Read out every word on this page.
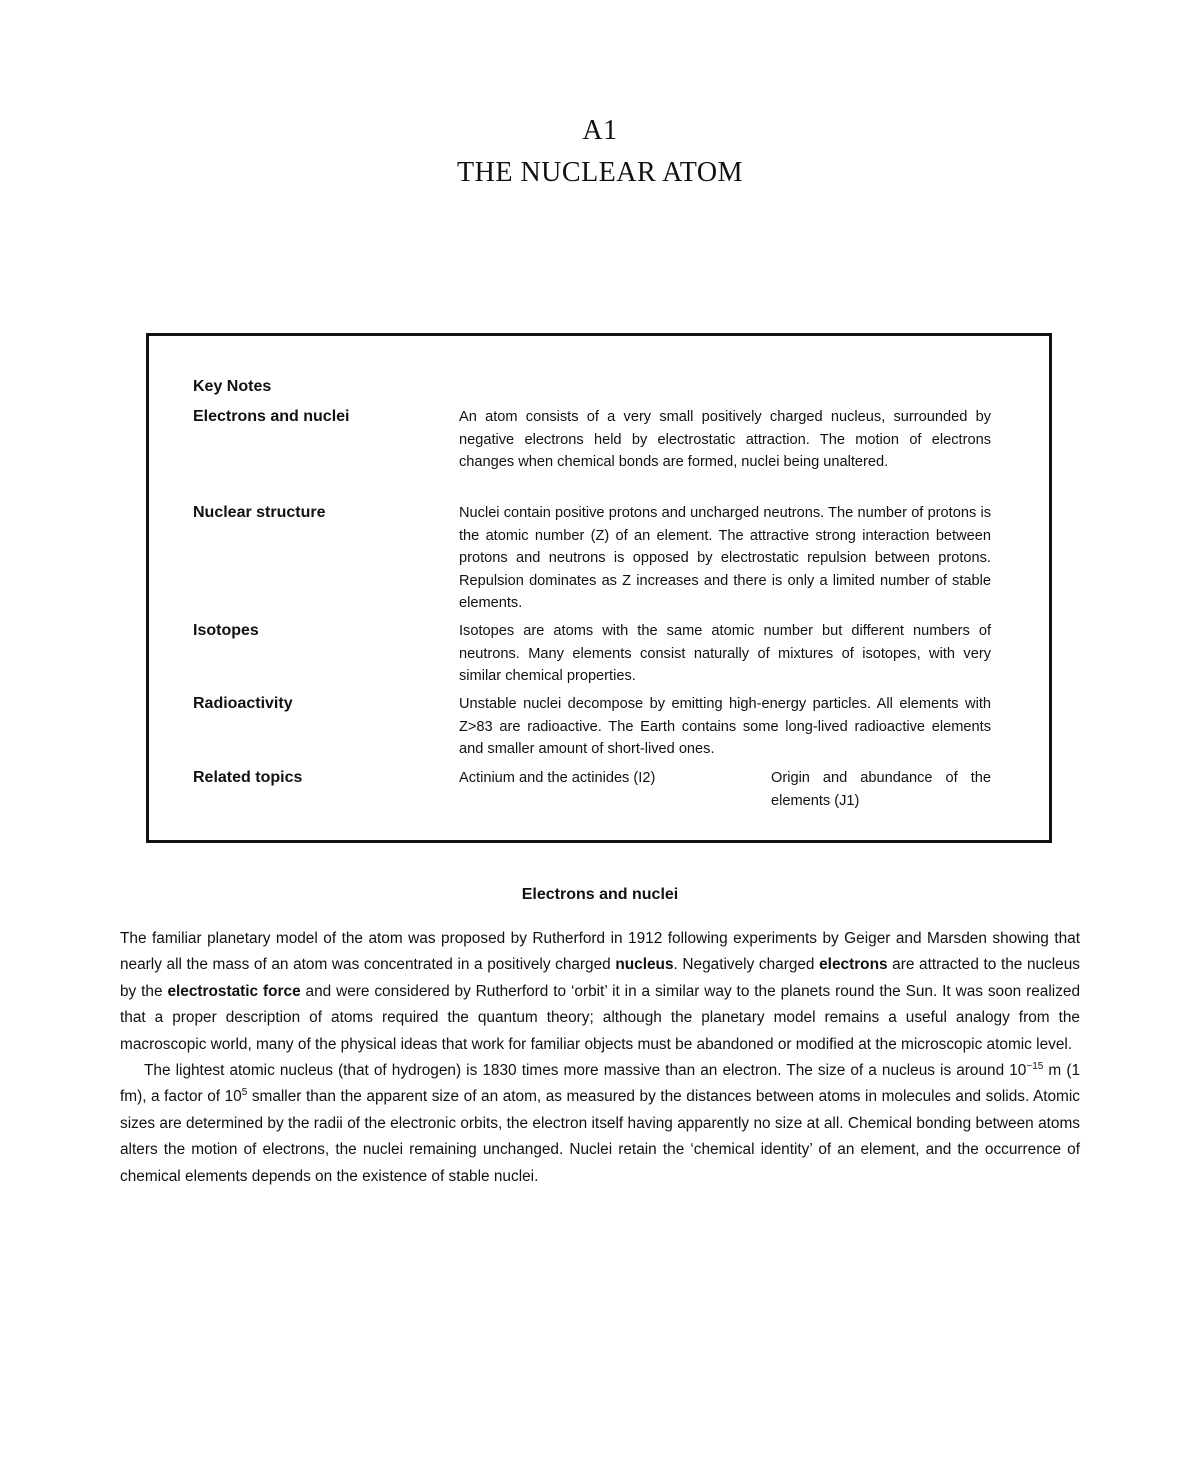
A1
THE NUCLEAR ATOM
Key Notes
Electrons and nuclei	An atom consists of a very small positively charged nucleus, surrounded by negative electrons held by electrostatic attraction. The motion of electrons changes when chemical bonds are formed, nuclei being unaltered.
Nuclear structure	Nuclei contain positive protons and uncharged neutrons. The number of protons is the atomic number (Z) of an element. The attractive strong interaction between protons and neutrons is opposed by electrostatic repulsion between protons. Repulsion dominates as Z increases and there is only a limited number of stable elements.
Isotopes	Isotopes are atoms with the same atomic number but different numbers of neutrons. Many elements consist naturally of mixtures of isotopes, with very similar chemical properties.
Radioactivity	Unstable nuclei decompose by emitting high-energy particles. All elements with Z>83 are radioactive. The Earth contains some long-lived radioactive elements and smaller amount of short-lived ones.
Related topics	Actinium and the actinides (I2)	Origin and abundance of the elements (J1)
Electrons and nuclei

The familiar planetary model of the atom was proposed by Rutherford in 1912 following experiments by Geiger and Marsden showing that nearly all the mass of an atom was concentrated in a positively charged nucleus. Negatively charged electrons are attracted to the nucleus by the electrostatic force and were considered by Rutherford to ‘orbit’ it in a similar way to the planets round the Sun. It was soon realized that a proper description of atoms required the quantum theory; although the planetary model remains a useful analogy from the macroscopic world, many of the physical ideas that work for familiar objects must be abandoned or modified at the microscopic atomic level.

The lightest atomic nucleus (that of hydrogen) is 1830 times more massive than an electron. The size of a nucleus is around $10^{-15}$ m (1 fm), a factor of $10^5$ smaller than the apparent size of an atom, as measured by the distances between atoms in molecules and solids. Atomic sizes are determined by the radii of the electronic orbits, the electron itself having apparently no size at all. Chemical bonding between atoms alters the motion of electrons, the nuclei remaining unchanged. Nuclei retain the ‘chemical identity’ of an element, and the occurrence of chemical elements depends on the existence of stable nuclei.
